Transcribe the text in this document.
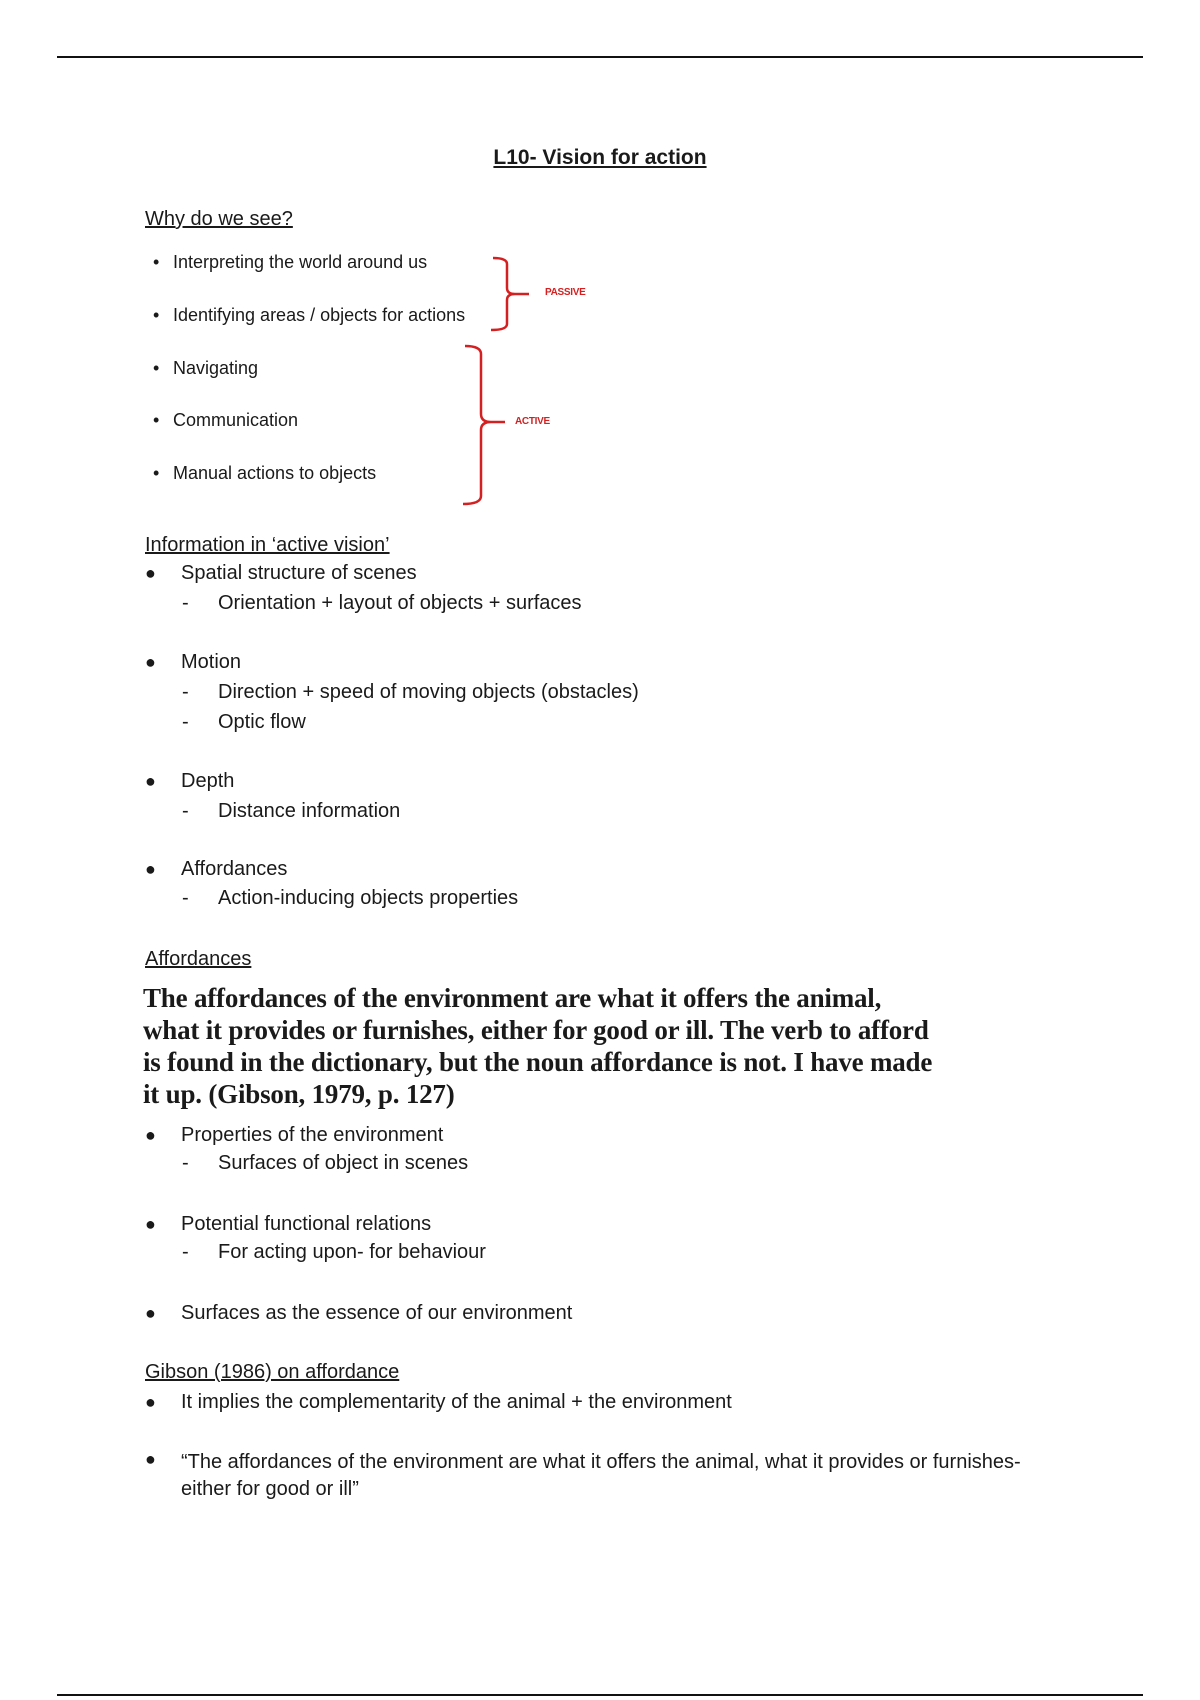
L10- Vision for action
Why do we see?
• Interpreting the world around us
• Identifying areas / objects for actions
• Navigating
• Communication
• Manual actions to objects
PASSIVE
ACTIVE
Information in ‘active vision’
● Spatial structure of scenes
- Orientation + layout of objects + surfaces
● Motion
- Direction + speed of moving objects (obstacles)
- Optic flow
● Depth
- Distance information
● Affordances
- Action-inducing objects properties
Affordances
The affordances of the environment are what it offers the animal, what it provides or furnishes, either for good or ill. The verb to afford is found in the dictionary, but the noun affordance is not. I have made it up. (Gibson, 1979, p. 127)
● Properties of the environment
- Surfaces of object in scenes
● Potential functional relations
- For acting upon- for behaviour
● Surfaces as the essence of our environment
Gibson (1986) on affordance
● It implies the complementarity of the animal + the environment
●	“The affordances of the environment are what it offers the animal, what it provides or furnishes- either for good or ill”
